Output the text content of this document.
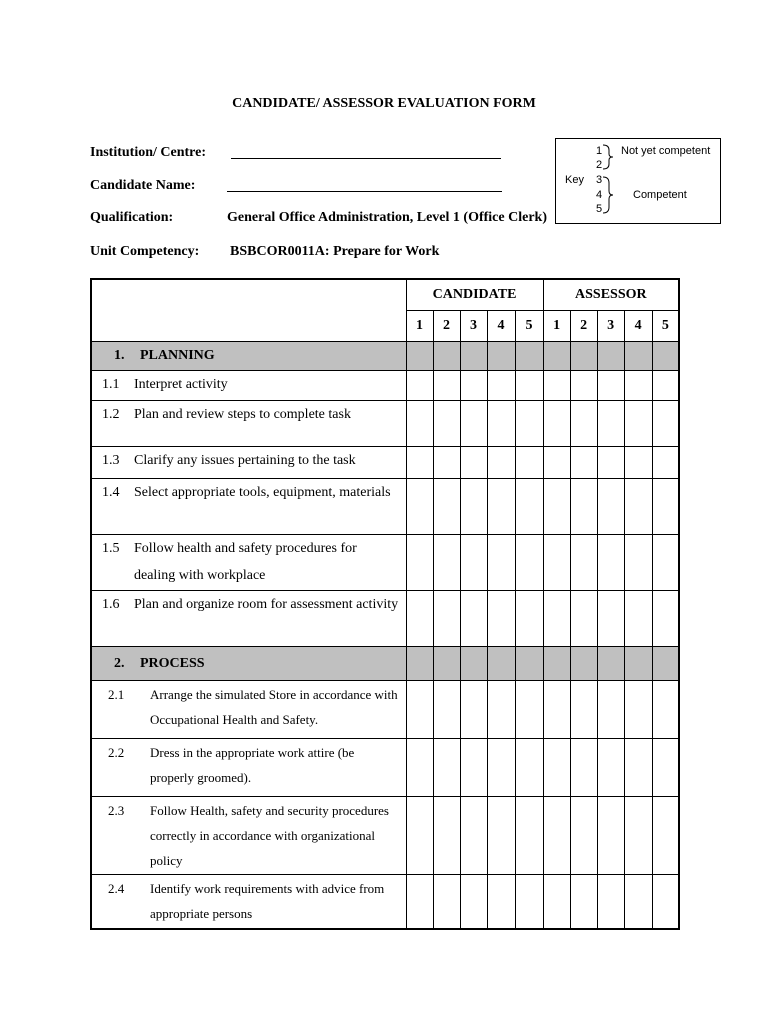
CANDIDATE/ ASSESSOR EVALUATION FORM
Institution/ Centre:
Candidate Name:
Qualification:	General Office Administration, Level 1 (Office Clerk)
Unit Competency: BSBCOR0011A: Prepare for Work
1
2
Key 3
4
5
Not yet competent
Competent
	CANDIDATE					ASSESSOR				
	1	2	3	4	5	1	2	3	4	5
1. PLANNING										

1.1 Interpret activity										

1.2 Plan and review steps to complete task										

1.3 Clarify any issues pertaining to the task										

1.4 Select appropriate tools, equipment, materials										

1.5 Follow health and safety procedures for dealing with workplace										

1.6 Plan and organize room for assessment activity										

2. PROCESS										

2.1 Arrange the simulated Store in accordance with Occupational Health and Safety.										

2.2 Dress in the appropriate work attire (be properly groomed).										

2.3 Follow Health, safety and security procedures correctly in accordance with organizational policy										

2.4 Identify work requirements with advice from appropriate persons										
